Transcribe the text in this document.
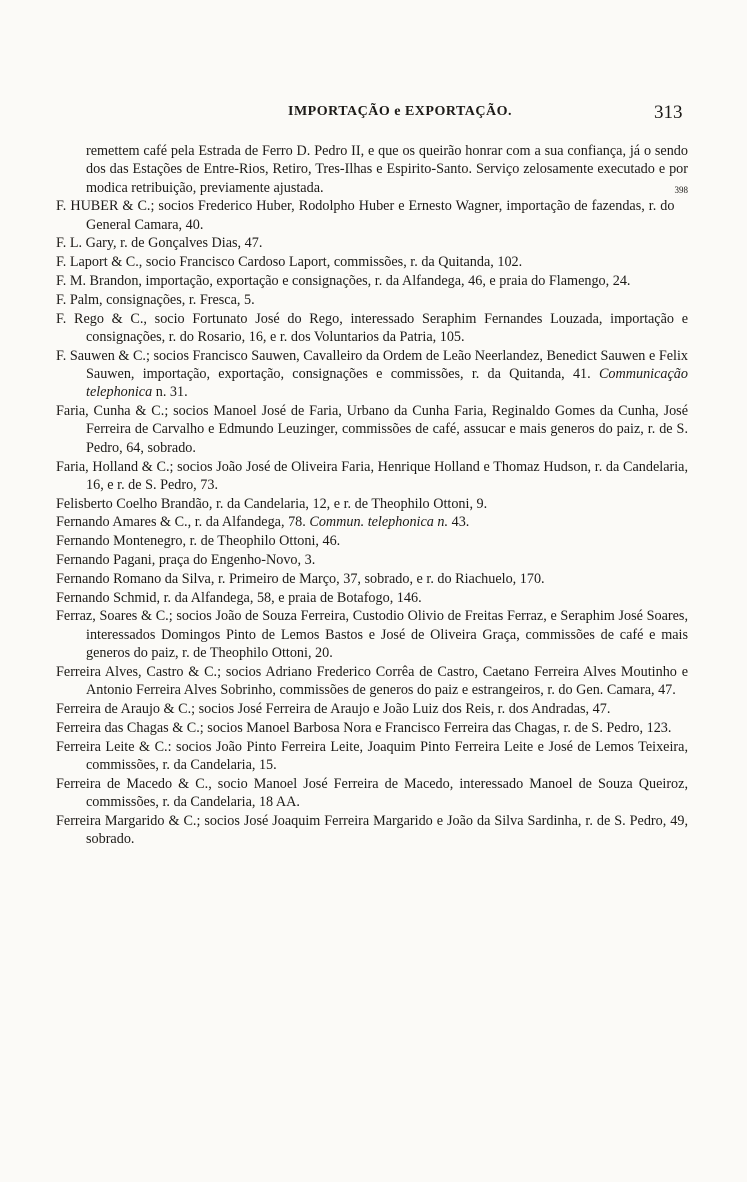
IMPORTAÇÃO e EXPORTAÇÃO.	313

remettem café pela Estrada de Ferro D. Pedro II, e que os queirão honrar com a sua confiança, já o sendo dos das Estações de Entre-Rios, Retiro, Tres-Ilhas e Espirito-Santo. Serviço zelosamente executado e por modica retribuição, previamente ajustada.	398

F. HUBER & C.; socios Frederico Huber, Rodolpho Huber e Ernesto Wagner, importação de fazendas, r. do General Camara, 40.

F. L. Gary, r. de Gonçalves Dias, 47.

F. Laport & C., socio Francisco Cardoso Laport, commissões, r. da Quitanda, 102.

F. M. Brandon, importação, exportação e consignações, r. da Alfandega, 46, e praia do Flamengo, 24.

F. Palm, consignações, r. Fresca, 5.

F. Rego & C., socio Fortunato José do Rego, interessado Seraphim Fernandes Louzada, importação e consignações, r. do Rosario, 16, e r. dos Voluntarios da Patria, 105.

F. Sauwen & C.; socios Francisco Sauwen, Cavalleiro da Ordem de Leão Neerlandez, Benedict Sauwen e Felix Sauwen, importação, exportação, consignações e commissões, r. da Quitanda, 41. Communicação telephonica n. 31.

Faria, Cunha & C.; socios Manoel José de Faria, Urbano da Cunha Faria, Reginaldo Gomes da Cunha, José Ferreira de Carvalho e Edmundo Leuzinger, commissões de café, assucar e mais generos do paiz, r. de S. Pedro, 64, sobrado.

Faria, Holland & C.; socios João José de Oliveira Faria, Henrique Holland e Thomaz Hudson, r. da Candelaria, 16, e r. de S. Pedro, 73.

Felisberto Coelho Brandão, r. da Candelaria, 12, e r. de Theophilo Ottoni, 9.

Fernando Amares & C., r. da Alfandega, 78. Commun. telephonica n. 43.

Fernando Montenegro, r. de Theophilo Ottoni, 46.

Fernando Pagani, praça do Engenho-Novo, 3.

Fernando Romano da Silva, r. Primeiro de Março, 37, sobrado, e r. do Riachuelo, 170.

Fernando Schmid, r. da Alfandega, 58, e praia de Botafogo, 146.

Ferraz, Soares & C.; socios João de Souza Ferreira, Custodio Olivio de Freitas Ferraz, e Seraphim José Soares, interessados Domingos Pinto de Lemos Bastos e José de Oliveira Graça, commissões de café e mais generos do paiz, r. de Theophilo Ottoni, 20.

Ferreira Alves, Castro & C.; socios Adriano Frederico Corrêa de Castro, Caetano Ferreira Alves Moutinho e Antonio Ferreira Alves Sobrinho, commissões de generos do paiz e estrangeiros, r. do Gen. Camara, 47.

Ferreira de Araujo & C.; socios José Ferreira de Araujo e João Luiz dos Reis, r. dos Andradas, 47.

Ferreira das Chagas & C.; socios Manoel Barbosa Nora e Francisco Ferreira das Chagas, r. de S. Pedro, 123.

Ferreira Leite & C.: socios João Pinto Ferreira Leite, Joaquim Pinto Ferreira Leite e José de Lemos Teixeira, commissões, r. da Candelaria, 15.

Ferreira de Macedo & C., socio Manoel José Ferreira de Macedo, interessado Manoel de Souza Queiroz, commissões, r. da Candelaria, 18 AA.

Ferreira Margarido & C.; socios José Joaquim Ferreira Margarido e João da Silva Sardinha, r. de S. Pedro, 49, sobrado.
